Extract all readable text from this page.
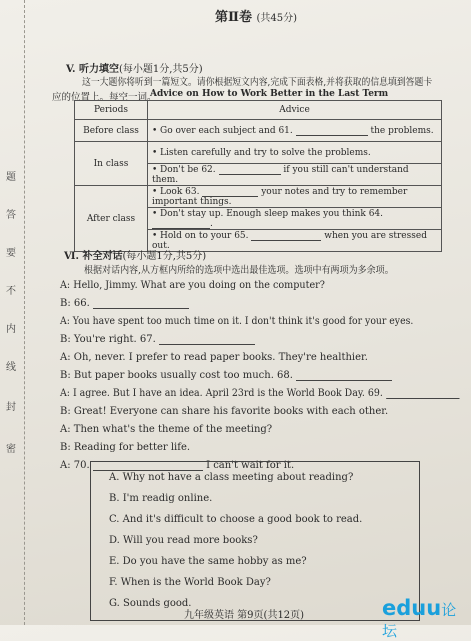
题
答
要
不
内
线
封
密
第Ⅱ卷 (共45分)
V. 听力填空(每小题1分,共5分)
这一大题你将听到一篇短文。请你根据短文内容,完成下面表格,并将获取的信息填到答题卡
应的位置上。每空一词。
Advice on How to Work Better in the Last Term
Periods	Advice
Before class	• Go over each subject and 61. the problems.
In class	• Listen carefully and try to solve the problems.
	• Don't be 62. if you still can't understand them.
After class	• Look 63. your notes and try to remember important things.
	• Don't stay up. Enough sleep makes you think 64. .
	• Hold on to your 65. when you are stressed out.
Ⅵ. 补全对话(每小题1分,共5分)
根据对话内容,从方框内所给的选项中选出最佳选项。选项中有两项为多余项。
A: Hello, Jimmy. What are you doing on the computer?
B: 66.
A: You have spent too much time on it. I don't think it's good for your eyes.
B: You're right. 67.
A: Oh, never. I prefer to read paper books. They're healthier.
B: But paper books usually cost too much. 68.
A: I agree. But I have an idea. April 23rd is the World Book Day. 69.
B: Great! Everyone can share his favorite books with each other.
A: Then what's the theme of the meeting?
B: Reading for better life.
A: 70.	I can't wait for it.
A. Why not have a class meeting about reading?
B. I'm readig online.
C. And it's difficult to choose a good book to read.
D. Will you read more books?
E. Do you have the same hobby as me?
F. When is the World Book Day?
G. Sounds good.
九年级英语 第9页(共12页)	eduu论坛
